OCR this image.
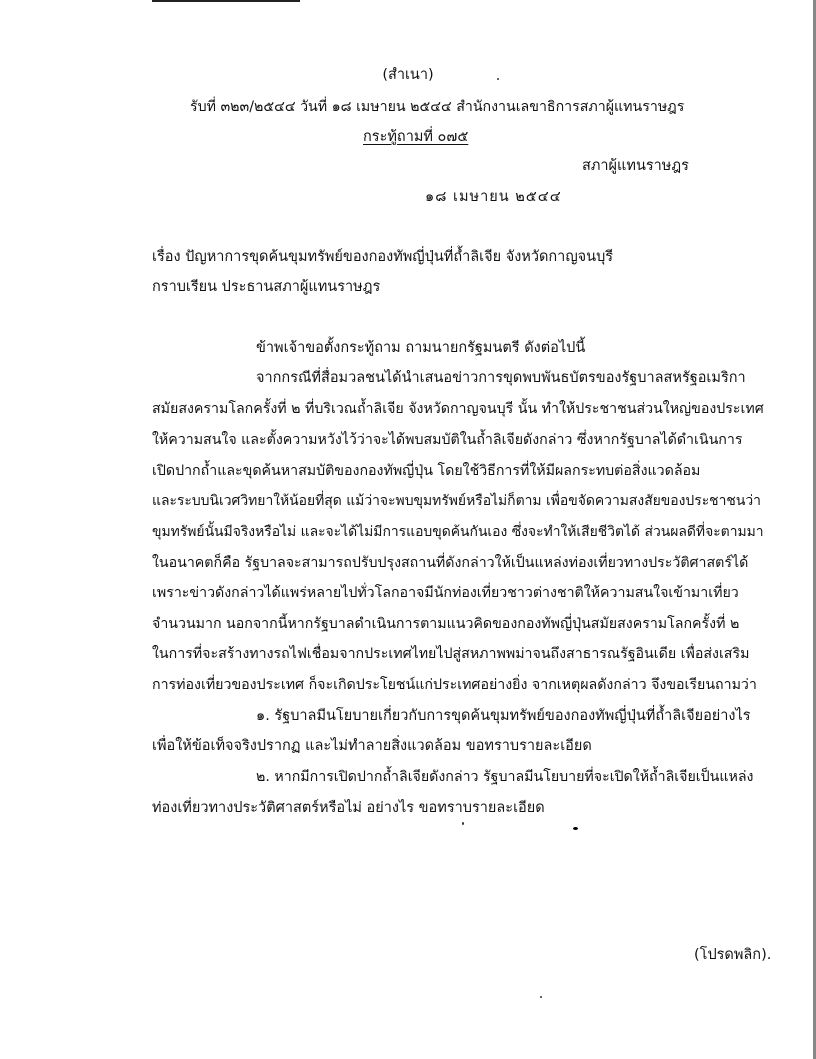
(สำเนา)
รับที่ ๓๒๓/๒๕๔๔ วันที่ ๑๘ เมษายน ๒๕๔๔ สำนักงานเลขาธิการสภาผู้แทนราษฎร
กระทู้ถามที่ ๐๗๕
สภาผู้แทนราษฎร
๑๘ เมษายน ๒๕๔๔
เรื่อง ปัญหาการขุดค้นขุมทรัพย์ของกองทัพญี่ปุ่นที่ถ้ำลิเจีย จังหวัดกาญจนบุรี
กราบเรียน ประธานสภาผู้แทนราษฎร
ข้าพเจ้าขอตั้งกระทู้ถาม ถามนายกรัฐมนตรี ดังต่อไปนี้
จากกรณีที่สื่อมวลชนได้นำเสนอข่าวการขุดพบพันธบัตรของรัฐบาลสหรัฐอเมริกา
สมัยสงครามโลกครั้งที่ ๒ ที่บริเวณถ้ำลิเจีย จังหวัดกาญจนบุรี นั้น ทำให้ประชาชนส่วนใหญ่ของประเทศ
ให้ความสนใจ และตั้งความหวังไว้ว่าจะได้พบสมบัติในถ้ำลิเจียดังกล่าว ซึ่งหากรัฐบาลได้ดำเนินการ
เปิดปากถ้ำและขุดค้นหาสมบัติของกองทัพญี่ปุ่น โดยใช้วิธีการที่ให้มีผลกระทบต่อสิ่งแวดล้อม
และระบบนิเวศวิทยาให้น้อยที่สุด แม้ว่าจะพบขุมทรัพย์หรือไม่ก็ตาม เพื่อขจัดความสงสัยของประชาชนว่า
ขุมทรัพย์นั้นมีจริงหรือไม่ และจะได้ไม่มีการแอบขุดค้นกันเอง ซึ่งจะทำให้เสียชีวิตได้ ส่วนผลดีที่จะตามมา
ในอนาคตก็คือ รัฐบาลจะสามารถปรับปรุงสถานที่ดังกล่าวให้เป็นแหล่งท่องเที่ยวทางประวัติศาสตร์ได้
เพราะข่าวดังกล่าวได้แพร่หลายไปทั่วโลกอาจมีนักท่องเที่ยวชาวต่างชาติให้ความสนใจเข้ามาเที่ยว
จำนวนมาก นอกจากนี้หากรัฐบาลดำเนินการตามแนวคิดของกองทัพญี่ปุ่นสมัยสงครามโลกครั้งที่ ๒
ในการที่จะสร้างทางรถไฟเชื่อมจากประเทศไทยไปสู่สหภาพพม่าจนถึงสาธารณรัฐอินเดีย เพื่อส่งเสริม
การท่องเที่ยวของประเทศ ก็จะเกิดประโยชน์แก่ประเทศอย่างยิ่ง จากเหตุผลดังกล่าว จึงขอเรียนถามว่า
๑. รัฐบาลมีนโยบายเกี่ยวกับการขุดค้นขุมทรัพย์ของกองทัพญี่ปุ่นที่ถ้ำลิเจียอย่างไร
เพื่อให้ข้อเท็จจริงปรากฏ และไม่ทำลายสิ่งแวดล้อม ขอทราบรายละเอียด
๒. หากมีการเปิดปากถ้ำลิเจียดังกล่าว รัฐบาลมีนโยบายที่จะเปิดให้ถ้ำลิเจียเป็นแหล่ง
ท่องเที่ยวทางประวัติศาสตร์หรือไม่ อย่างไร ขอทราบรายละเอียด
(โปรดพลิก).
